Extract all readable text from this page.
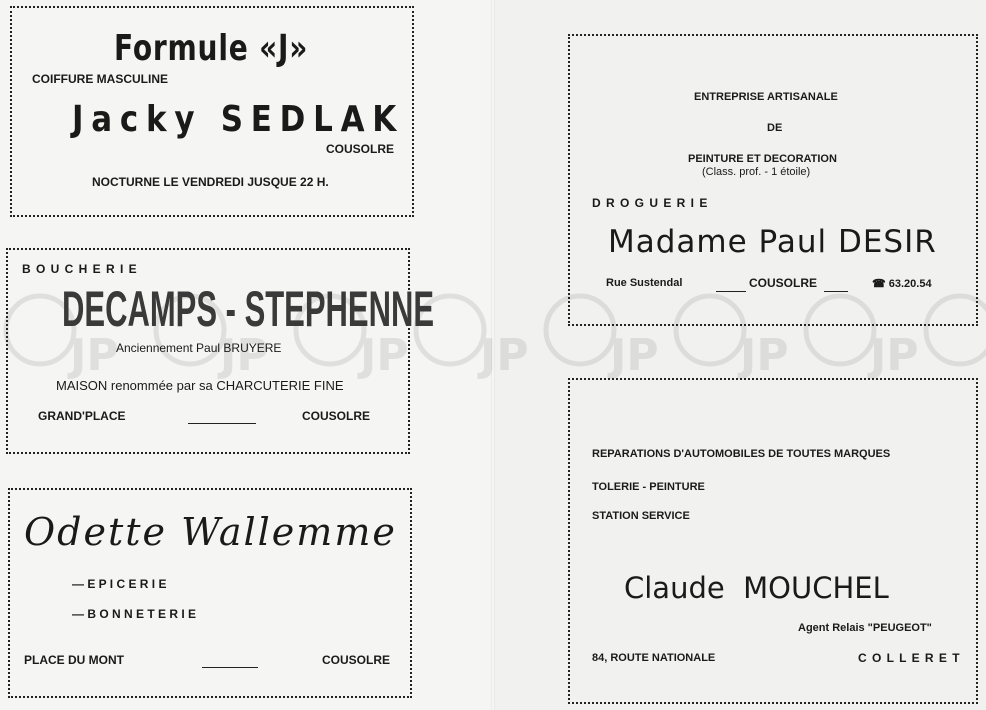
Formule «J»
COIFFURE MASCULINE
Jacky SEDLAK
COUSOLRE
NOCTURNE LE VENDREDI JUSQUE 22 H.
B O U C H E R I E
DECAMPS - STEPHENNE
Anciennement Paul BRUYERE
MAISON renommée par sa CHARCUTERIE FINE
GRAND'PLACE	COUSOLRE
Odette Wallemme
— E P I C E R I E
— B O N N E T E R I E
PLACE DU MONT	COUSOLRE
ENTREPRISE ARTISANALE
DE
PEINTURE ET DECORATION
(Class. prof. - 1 étoile)
D R O G U E R I E
Madame Paul DESIR
Rue Sustendal	COUSOLRE	☎ 63.20.54
REPARATIONS D'AUTOMOBILES DE TOUTES MARQUES
TOLERIE - PEINTURE
STATION SERVICE
Claude  MOUCHEL
Agent Relais "PEUGEOT"
84, ROUTE NATIONALE	C O L L E R E T
